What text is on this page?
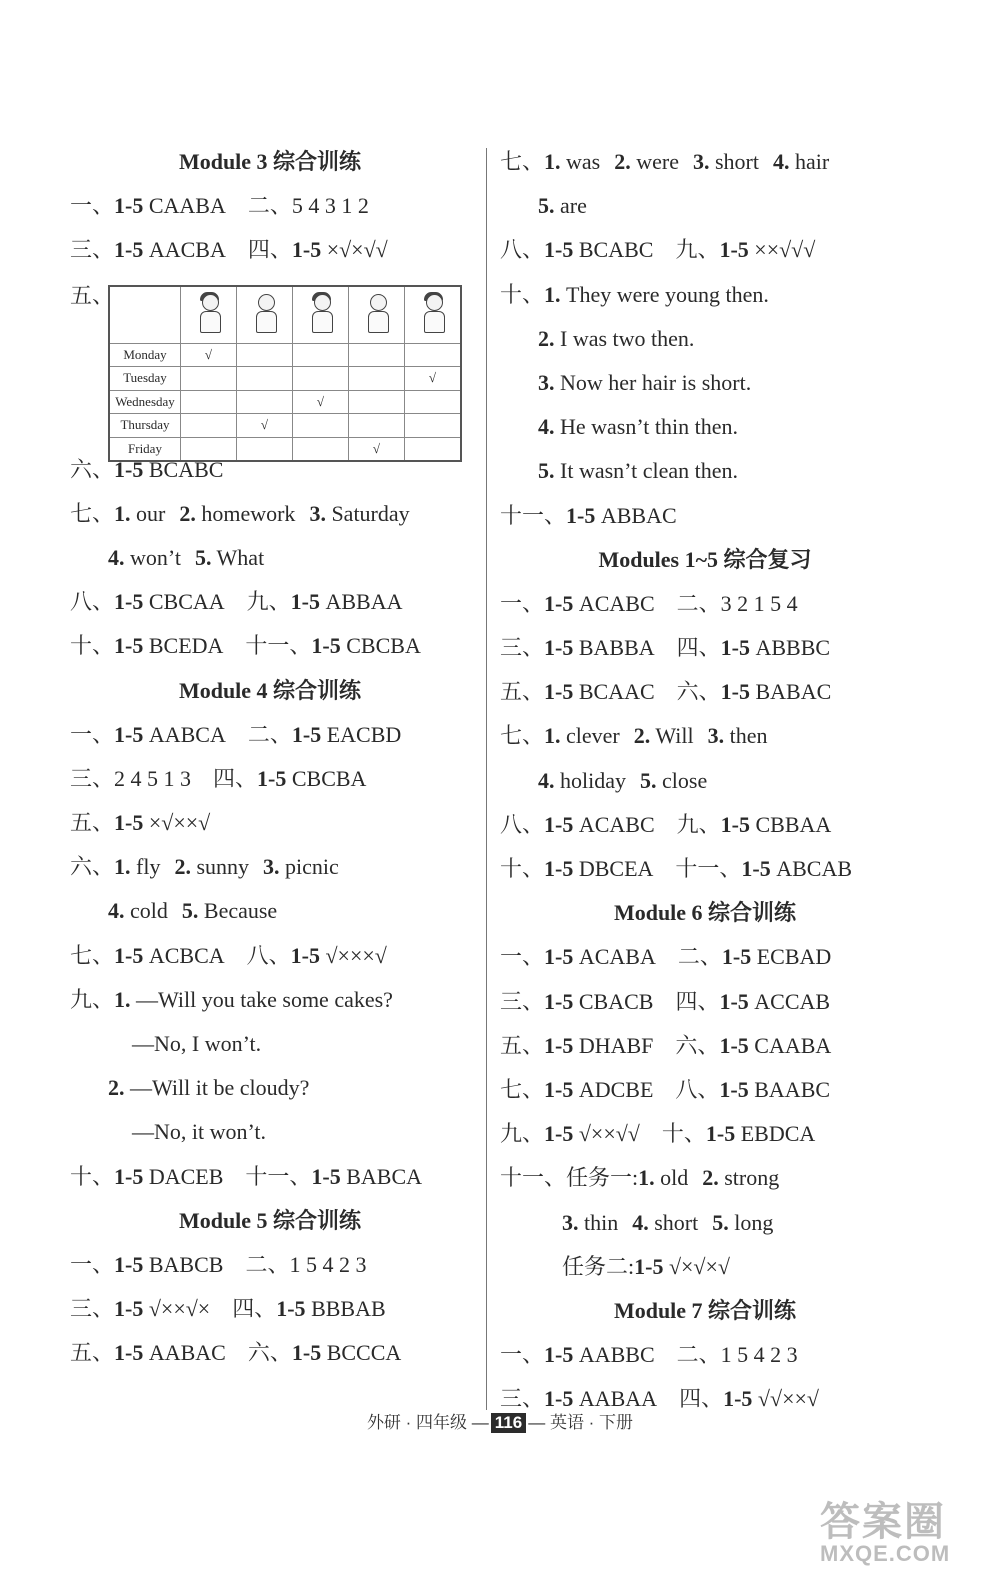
Module 3 综合训练
一、1-5 CAABA 二、5 4 3 1 2
三、1-5 AACBA 四、1-5 ×√×√√
五、

Monday	√				
Tuesday					√
Wednesday			√		
Thursday		√			
Friday				√	
六、1-5 BCABC
七、1. our 2. homework 3. Saturday
4. won’t 5. What
八、1-5 CBCAA 九、1-5 ABBAA
十、1-5 BCEDA 十一、1-5 CBCBA
Module 4 综合训练
一、1-5 AABCA 二、1-5 EACBD
三、2 4 5 1 3 四、1-5 CBCBA
五、1-5 ×√××√
六、1. fly 2. sunny 3. picnic
4. cold 5. Because
七、1-5 ACBCA 八、1-5 √×××√
九、1. —Will you take some cakes?
—No, I won’t.
2. —Will it be cloudy?
—No, it won’t.
十、1-5 DACEB 十一、1-5 BABCA
Module 5 综合训练
一、1-5 BABCB 二、1 5 4 2 3
三、1-5 √××√× 四、1-5 BBBAB
五、1-5 AABAC 六、1-5 BCCCA
七、1. was 2. were 3. short 4. hair
5. are
八、1-5 BCABC 九、1-5 ××√√√
十、1. They were young then.
2. I was two then.
3. Now her hair is short.
4. He wasn’t thin then.
5. It wasn’t clean then.
十一、1-5 ABBAC
Modules 1~5 综合复习
一、1-5 ACABC 二、3 2 1 5 4
三、1-5 BABBA 四、1-5 ABBBC
五、1-5 BCAAC 六、1-5 BABAC
七、1. clever 2. Will 3. then
4. holiday 5. close
八、1-5 ACABC 九、1-5 CBBAA
十、1-5 DBCEA 十一、1-5 ABCAB
Module 6 综合训练
一、1-5 ACABA 二、1-5 ECBAD
三、1-5 CBACB 四、1-5 ACCAB
五、1-5 DHABF 六、1-5 CAABA
七、1-5 ADCBE 八、1-5 BAABC
九、1-5 √××√√ 十、1-5 EBDCA
十一、任务一:1. old 2. strong
3. thin 4. short 5. long
任务二:1-5 √×√×√
Module 7 综合训练
一、1-5 AABBC 二、1 5 4 2 3
三、1-5 AABAA 四、1-5 √√××√
外研 · 四年级 — 116 — 英语 · 下册
答案圈
MXQE.COM
